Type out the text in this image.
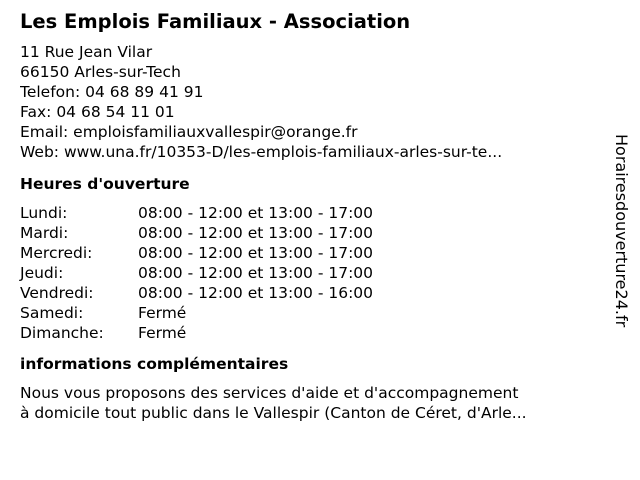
Les Emplois Familiaux - Association
11 Rue Jean Vilar
66150 Arles-sur-Tech
Telefon: 04 68 89 41 91
Fax: 04 68 54 11 01
Email: emploisfamiliauxvallespir@orange.fr
Web: www.una.fr/10353-D/les-emplois-familiaux-arles-sur-te...
Heures d'ouverture
Lundi:	08:00 - 12:00 et 13:00 - 17:00
Mardi:	08:00 - 12:00 et 13:00 - 17:00
Mercredi:	08:00 - 12:00 et 13:00 - 17:00
Jeudi:	08:00 - 12:00 et 13:00 - 17:00
Vendredi:	08:00 - 12:00 et 13:00 - 16:00
Samedi:	Fermé
Dimanche:	Fermé
informations complémentaires
Nous vous proposons des services d'aide et d'accompagnement
à domicile tout public dans le Vallespir (Canton de Céret, d'Arle...
Horairesdouverture24.fr
